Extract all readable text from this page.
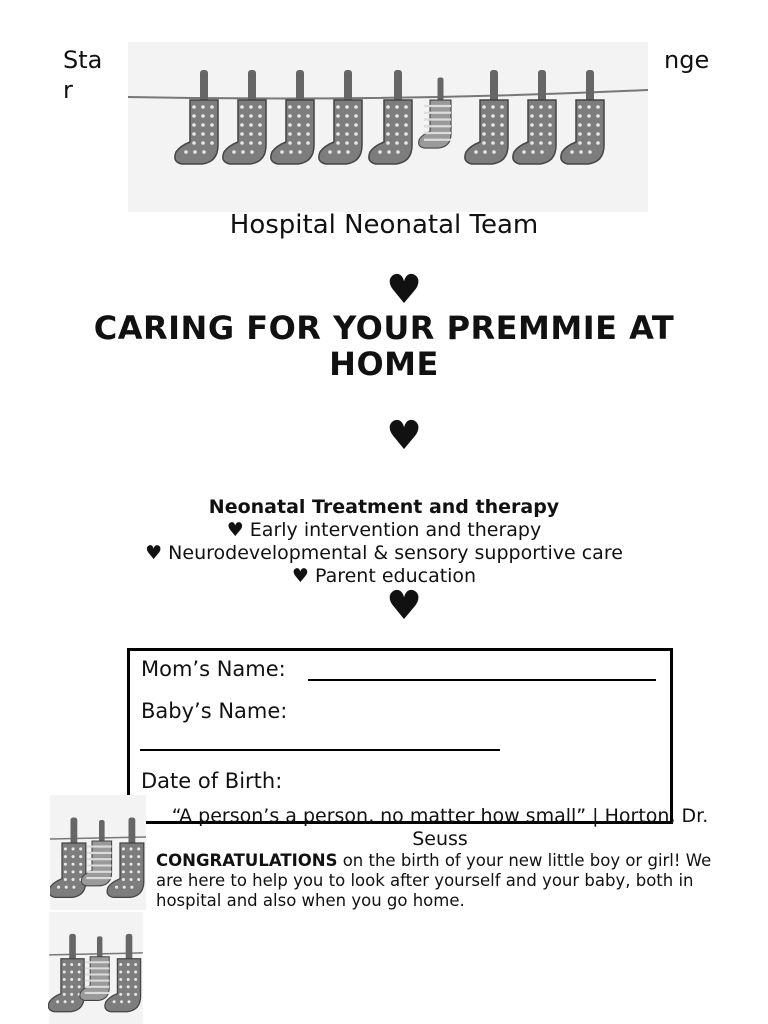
Sta r
nge
Hospital Neonatal Team
♥
CARING FOR YOUR PREMMIE AT HOME
♥
Neonatal Treatment and therapy
♥ Early intervention and therapy
♥ Neurodevelopmental & sensory supportive care
♥ Parent education
♥
Mom’s Name:
Baby’s Name:
Date of Birth:
“A person’s a person, no matter how small” | Horton, Dr. Seuss
CONGRATULATIONS on the birth of your new little boy or girl! We are here to help you to look after yourself and your baby, both in hospital and also when you go home.
